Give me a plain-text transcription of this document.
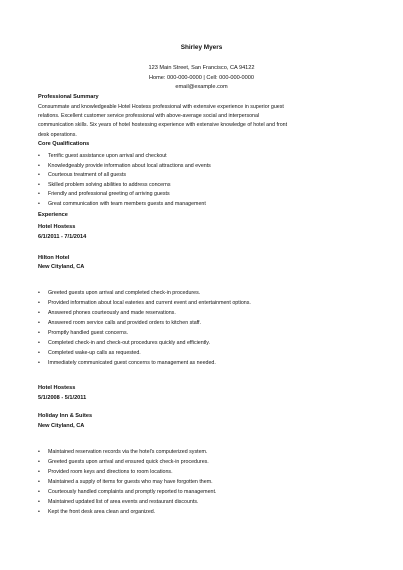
Shirley Myers
123 Main Street, San Francisco, CA 94122
Home: 000-000-0000 | Cell: 000-000-0000
email@example.com
Professional Summary
Consummate and knowledgeable Hotel Hostess professional with extensive experience in superior guest relations. Excellent customer service professional with above-average social and interpersonal communication skills. Six years of hotel hostessing experience with extensive knowledge of hotel and front desk operations.
Core Qualifications
• Terrific guest assistance upon arrival and checkout
• Knowledgeably provide information about local attractions and events
• Courteous treatment of all guests
• Skilled problem solving abilities to address concerns
• Friendly and professional greeting of arriving guests
• Great communication with team members guests and management
Experience
Hotel Hostess
6/1/2011 - 7/1/2014
Hilton Hotel
New Cityland, CA
• Greeted guests upon arrival and completed check-in procedures.
• Provided information about local eateries and current event and entertainment options.
• Answered phones courteously and made reservations.
• Answered room service calls and provided orders to kitchen staff.
• Promptly handled guest concerns.
• Completed check-in and check-out procedures quickly and efficiently.
• Completed wake-up calls as requested.
• Immediately communicated guest concerns to management as needed.
Hotel Hostess
5/1/2008 - 5/1/2011
Holiday Inn & Suites
New Cityland, CA
• Maintained reservation records via the hotel's computerized system.
• Greeted guests upon arrival and ensured quick check-in procedures.
• Provided room keys and directions to room locations.
• Maintained a supply of items for guests who may have forgotten them.
• Courteously handled complaints and promptly reported to management.
• Maintained updated list of area events and restaurant discounts.
• Kept the front desk area clean and organized.
